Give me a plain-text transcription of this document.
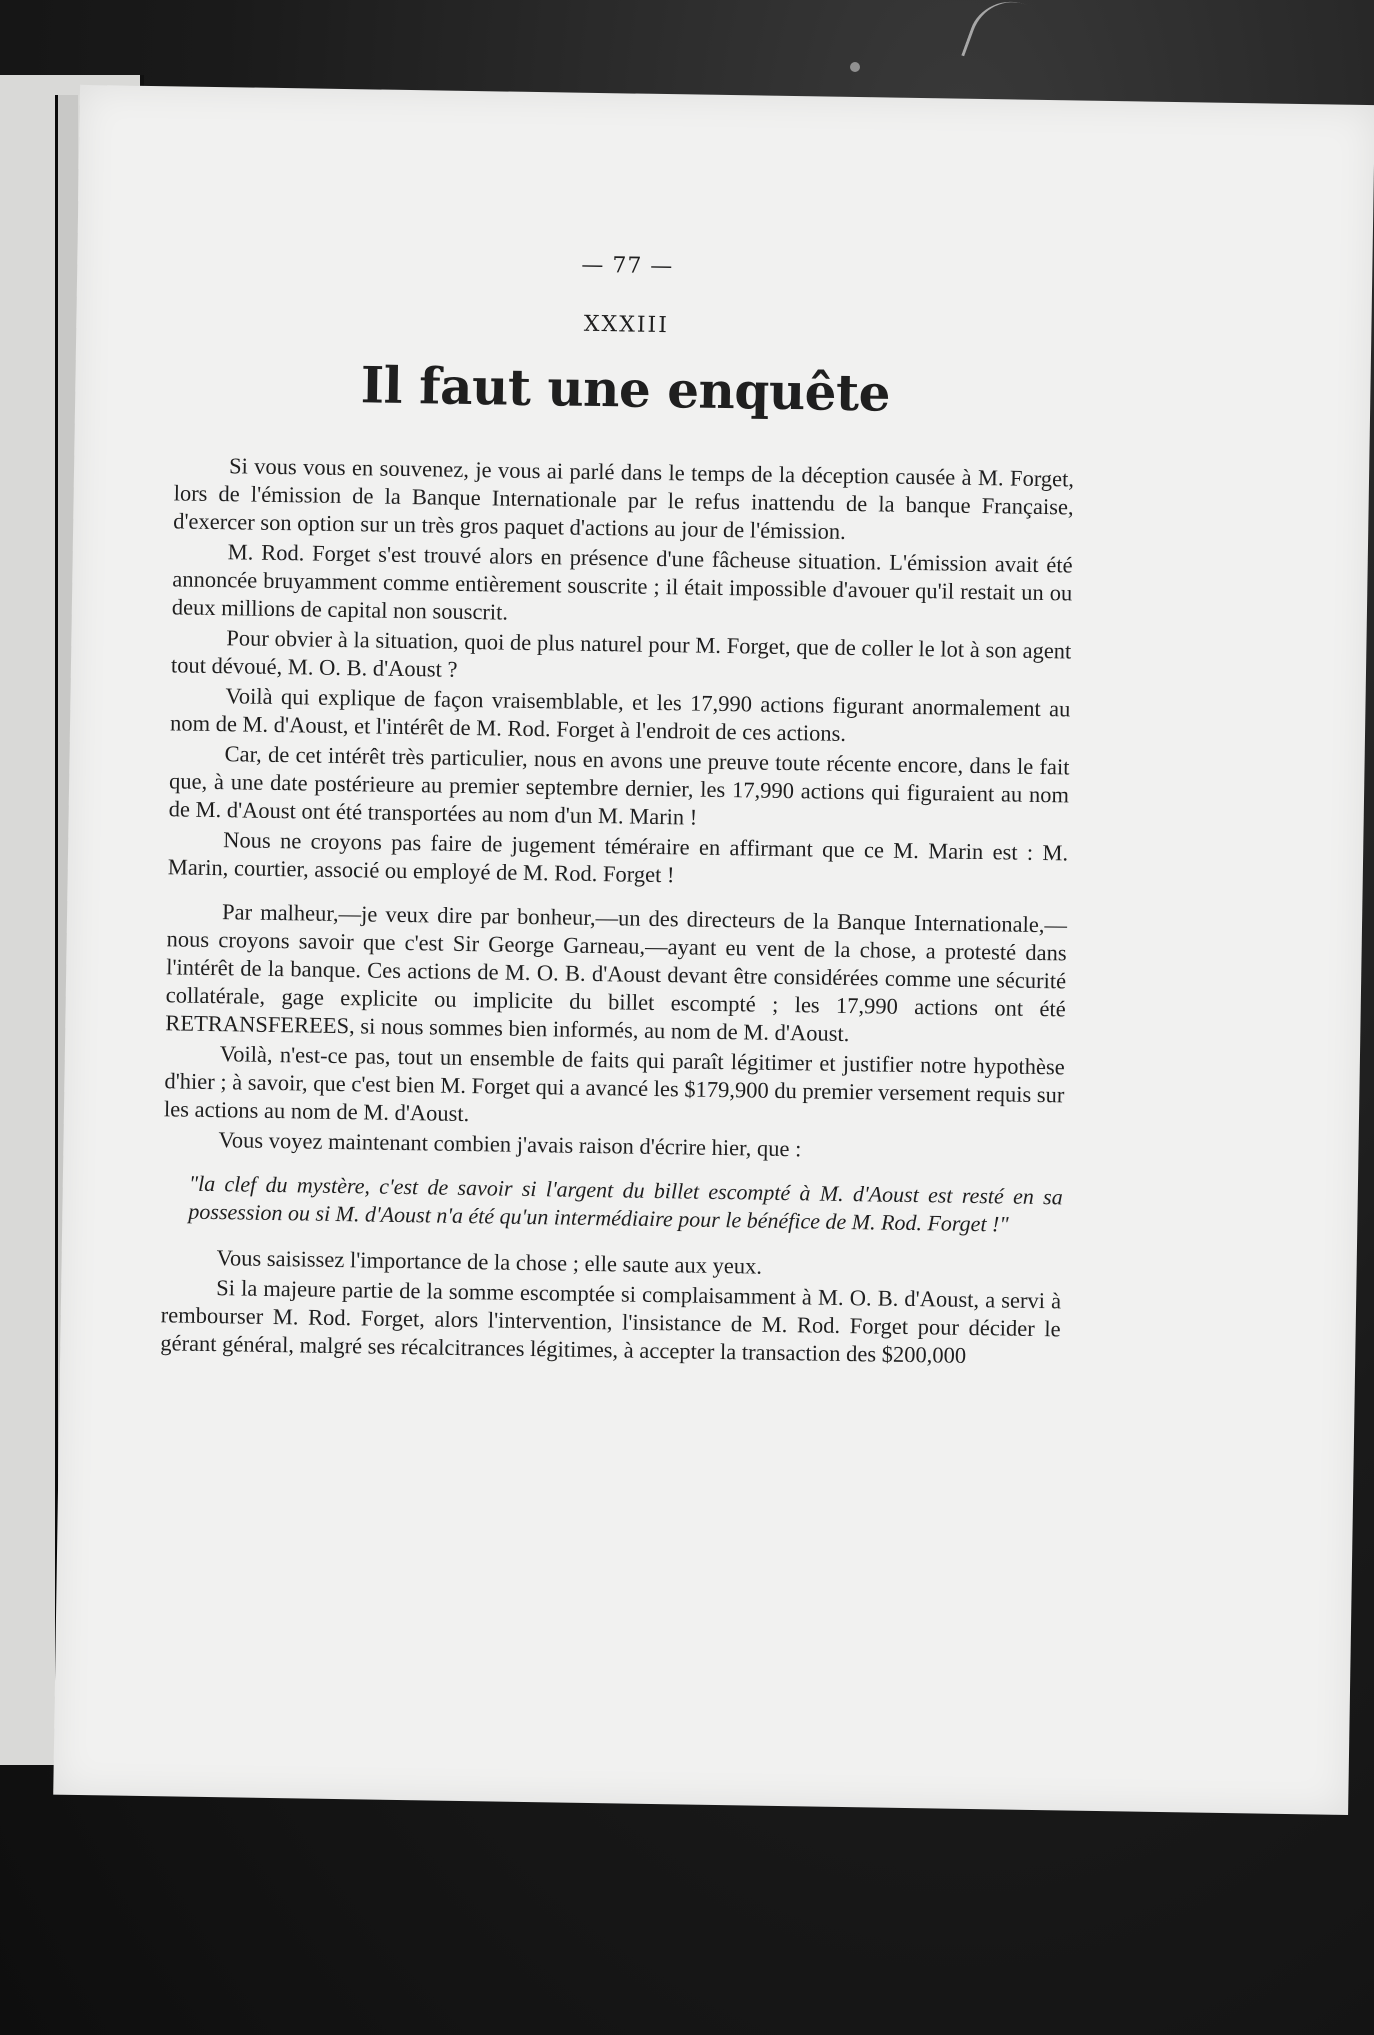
— 77 —
XXXIII
Il faut une enquête

Si vous vous en souvenez, je vous ai parlé dans le temps de la déception causée à M. Forget, lors de l'émission de la Banque Internationale par le refus inattendu de la banque Française, d'exercer son option sur un très gros paquet d'actions au jour de l'émission.

M. Rod. Forget s'est trouvé alors en présence d'une fâcheuse situation. L'émission avait été annoncée bruyamment comme entièrement souscrite ; il était impossible d'avouer qu'il restait un ou deux millions de capital non souscrit.

Pour obvier à la situation, quoi de plus naturel pour M. Forget, que de coller le lot à son agent tout dévoué, M. O. B. d'Aoust ?

Voilà qui explique de façon vraisemblable, et les 17,990 actions figurant anormalement au nom de M. d'Aoust, et l'intérêt de M. Rod. Forget à l'endroit de ces actions.

Car, de cet intérêt très particulier, nous en avons une preuve toute récente encore, dans le fait que, à une date postérieure au premier septembre dernier, les 17,990 actions qui figuraient au nom de M. d'Aoust ont été transportées au nom d'un M. Marin !

Nous ne croyons pas faire de jugement téméraire en affirmant que ce M. Marin est : M. Marin, courtier, associé ou employé de M. Rod. Forget !

Par malheur,—je veux dire par bonheur,—un des directeurs de la Banque Internationale,—nous croyons savoir que c'est Sir George Garneau,—ayant eu vent de la chose, a protesté dans l'intérêt de la banque. Ces actions de M. O. B. d'Aoust devant être considérées comme une sécurité collatérale, gage explicite ou implicite du billet escompté ; les 17,990 actions ont été RETRANSFEREES, si nous sommes bien informés, au nom de M. d'Aoust.

Voilà, n'est-ce pas, tout un ensemble de faits qui paraît légitimer et justifier notre hypothèse d'hier ; à savoir, que c'est bien M. Forget qui a avancé les $179,900 du premier versement requis sur les actions au nom de M. d'Aoust.

Vous voyez maintenant combien j'avais raison d'écrire hier, que :

"la clef du mystère, c'est de savoir si l'argent du billet escompté à M. d'Aoust est resté en sa possession ou si M. d'Aoust n'a été qu'un intermédiaire pour le bénéfice de M. Rod. Forget !"

Vous saisissez l'importance de la chose ; elle saute aux yeux.

Si la majeure partie de la somme escomptée si complaisamment à M. O. B. d'Aoust, a servi à rembourser M. Rod. Forget, alors l'intervention, l'insistance de M. Rod. Forget pour décider le gérant général, malgré ses récalcitrances légitimes, à accepter la transaction des $200,000
